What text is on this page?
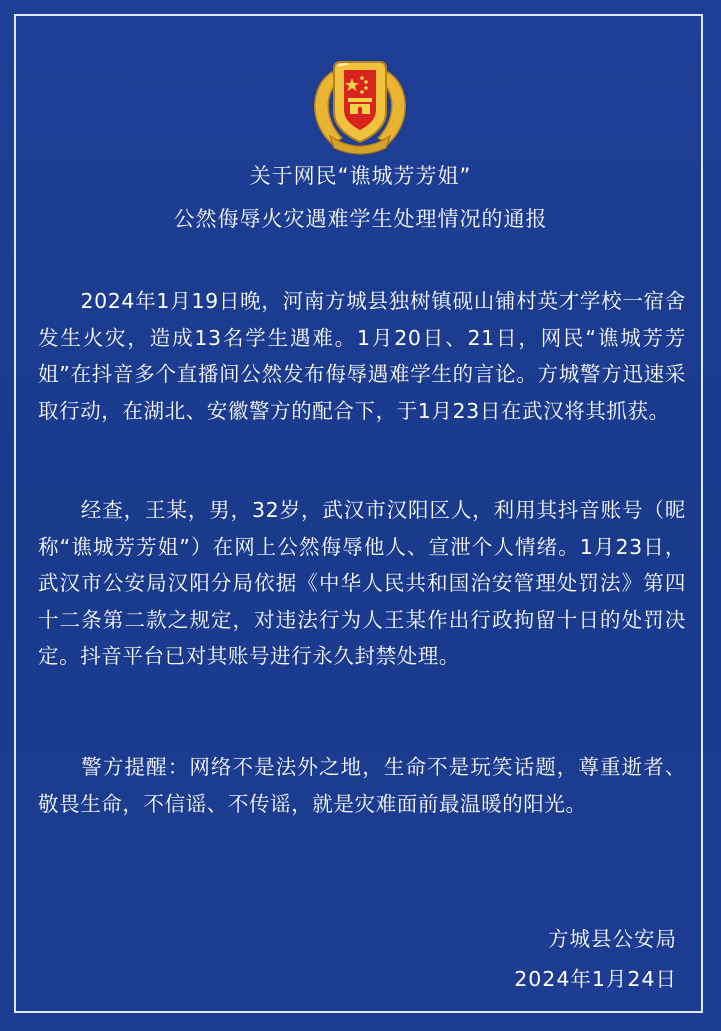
关于网民“谯城芳芳姐”
公然侮辱火灾遇难学生处理情况的通报

　　2024年1月19日晚，河南方城县独树镇砚山铺村英才学校一宿舍发生火灾，造成13名学生遇难。1月20日、21日，网民“谯城芳芳姐”在抖音多个直播间公然发布侮辱遇难学生的言论。方城警方迅速采取行动，在湖北、安徽警方的配合下，于1月23日在武汉将其抓获。

　　经查，王某，男，32岁，武汉市汉阳区人，利用其抖音账号（昵称“谯城芳芳姐”）在网上公然侮辱他人、宣泄个人情绪。1月23日，武汉市公安局汉阳分局依据《中华人民共和国治安管理处罚法》第四十二条第二款之规定，对违法行为人王某作出行政拘留十日的处罚决定。抖音平台已对其账号进行永久封禁处理。

　　警方提醒：网络不是法外之地，生命不是玩笑话题，尊重逝者、敬畏生命，不信谣、不传谣，就是灾难面前最温暖的阳光。

方城县公安局
2024年1月24日
